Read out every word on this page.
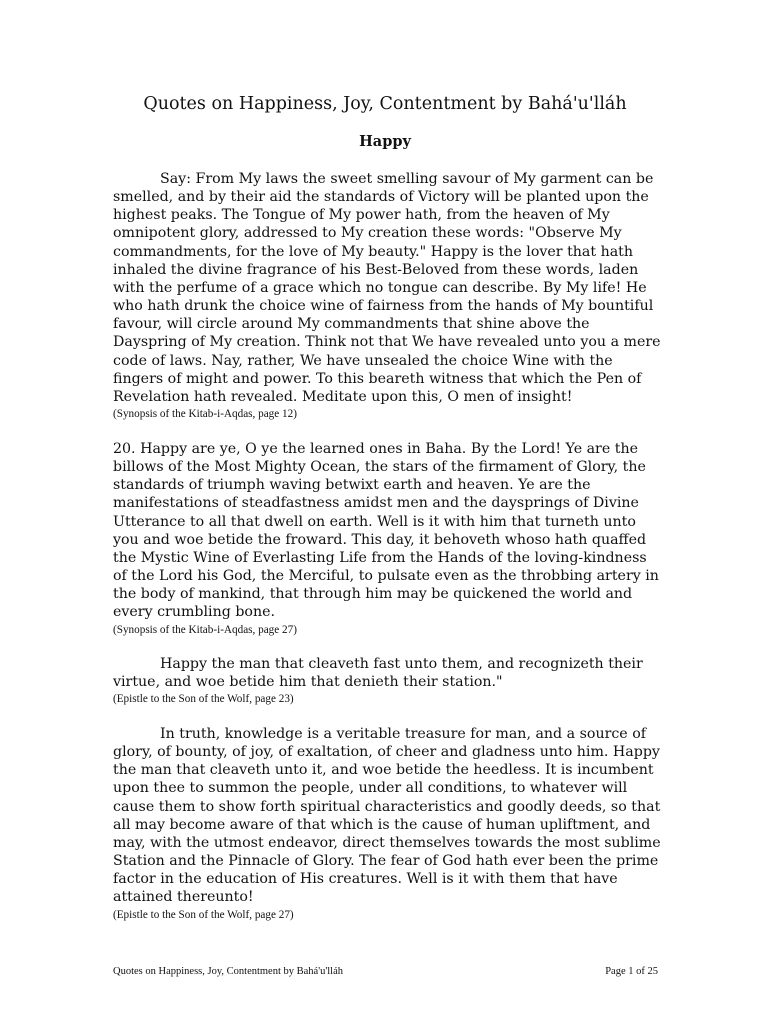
Quotes on Happiness, Joy, Contentment by Bahá'u'lláh
Happy

Say: From My laws the sweet smelling savour of My garment can be smelled, and by their aid the standards of Victory will be planted upon the highest peaks. The Tongue of My power hath, from the heaven of My omnipotent glory, addressed to My creation these words: "Observe My commandments, for the love of My beauty." Happy is the lover that hath inhaled the divine fragrance of his Best-Beloved from these words, laden with the perfume of a grace which no tongue can describe. By My life! He who hath drunk the choice wine of fairness from the hands of My bountiful favour, will circle around My commandments that shine above the Dayspring of My creation. Think not that We have revealed unto you a mere code of laws. Nay, rather, We have unsealed the choice Wine with the fingers of might and power. To this beareth witness that which the Pen of Revelation hath revealed. Meditate upon this, O men of insight!

(Synopsis of the Kitab-i-Aqdas, page 12)

20. Happy are ye, O ye the learned ones in Baha. By the Lord! Ye are the billows of the Most Mighty Ocean, the stars of the firmament of Glory, the standards of triumph waving betwixt earth and heaven. Ye are the manifestations of steadfastness amidst men and the daysprings of Divine Utterance to all that dwell on earth. Well is it with him that turneth unto you and woe betide the froward. This day, it behoveth whoso hath quaffed the Mystic Wine of Everlasting Life from the Hands of the loving-kindness of the Lord his God, the Merciful, to pulsate even as the throbbing artery in the body of mankind, that through him may be quickened the world and every crumbling bone.

(Synopsis of the Kitab-i-Aqdas, page 27)

Happy the man that cleaveth fast unto them, and recognizeth their virtue, and woe betide him that denieth their station."

(Epistle to the Son of the Wolf, page 23)

In truth, knowledge is a veritable treasure for man, and a source of glory, of bounty, of joy, of exaltation, of cheer and gladness unto him. Happy the man that cleaveth unto it, and woe betide the heedless. It is incumbent upon thee to summon the people, under all conditions, to whatever will cause them to show forth spiritual characteristics and goodly deeds, so that all may become aware of that which is the cause of human upliftment, and may, with the utmost endeavor, direct themselves towards the most sublime Station and the Pinnacle of Glory. The fear of God hath ever been the prime factor in the education of His creatures. Well is it with them that have attained thereunto!

(Epistle to the Son of the Wolf, page 27)

Quotes on Happiness, Joy, Contentment by Bahá'u'lláh	Page 1 of 25
